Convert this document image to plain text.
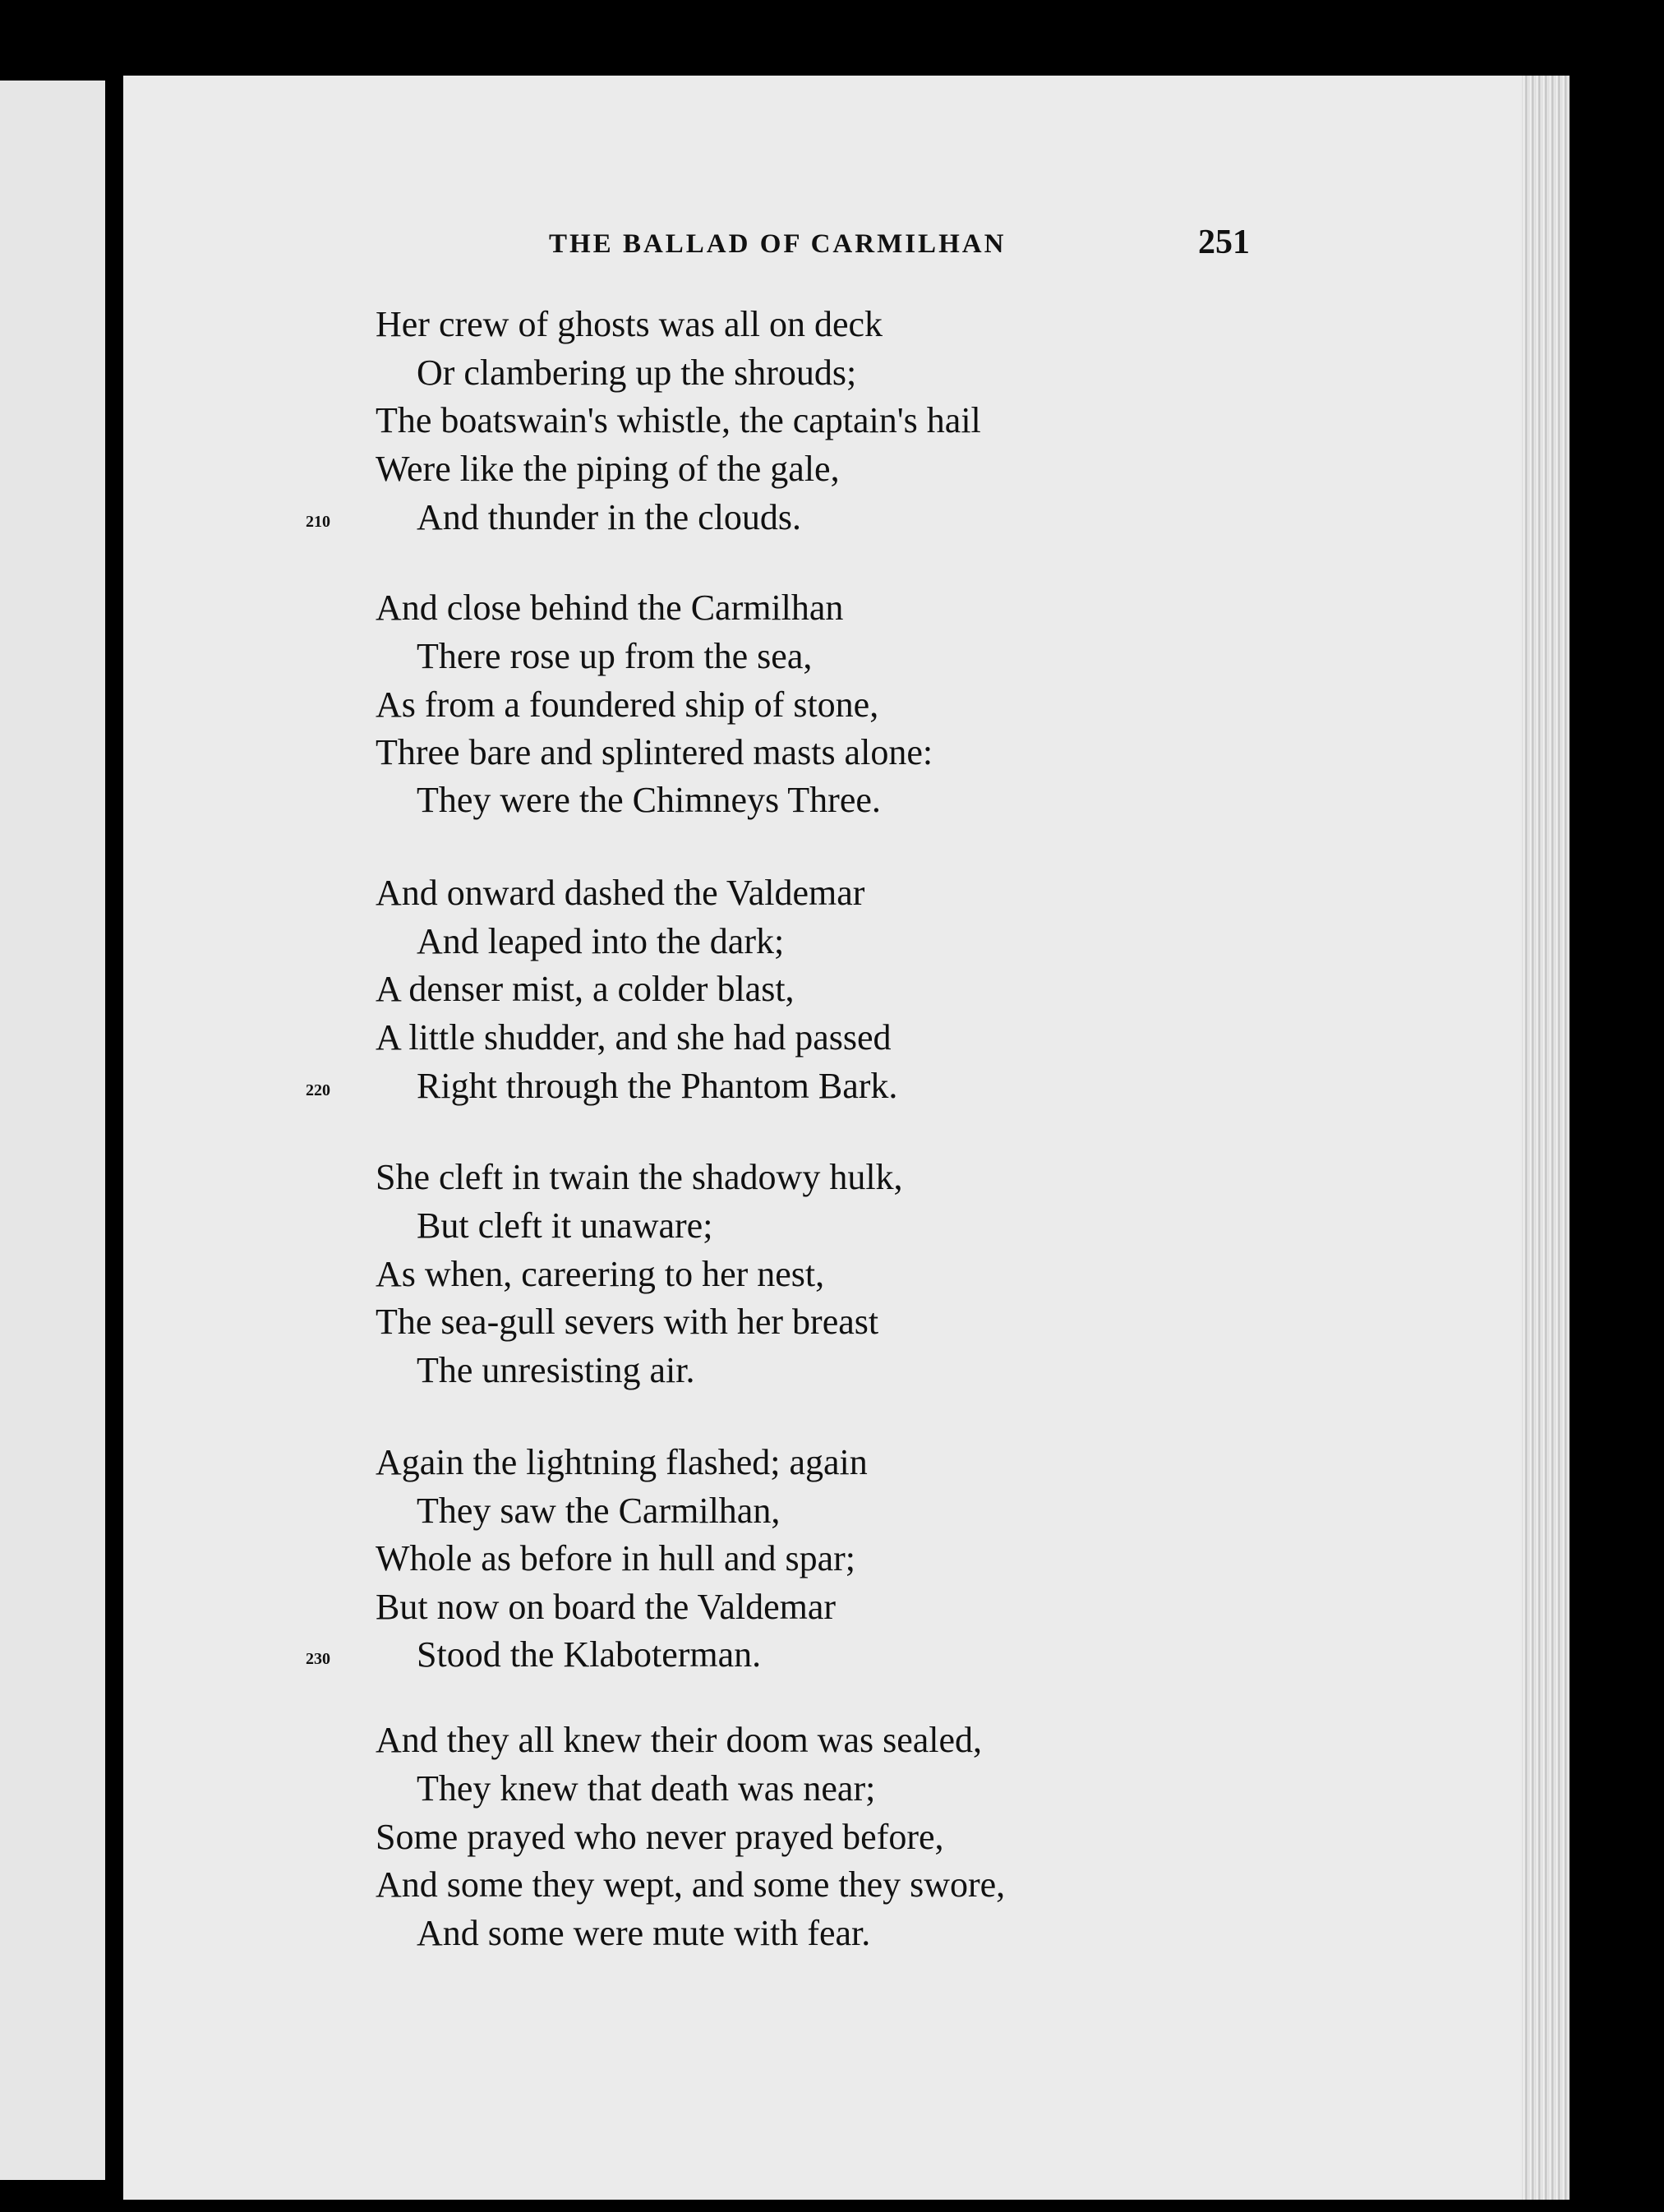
THE BALLAD OF CARMILHAN	251
Her crew of ghosts was all on deck
Or clambering up the shrouds;
The boatswain's whistle, the captain's hail
Were like the piping of the gale,
210 And thunder in the clouds.
And close behind the Carmilhan
There rose up from the sea,
As from a foundered ship of stone,
Three bare and splintered masts alone:
They were the Chimneys Three.
And onward dashed the Valdemar
And leaped into the dark;
A denser mist, a colder blast,
A little shudder, and she had passed
220 Right through the Phantom Bark.
She cleft in twain the shadowy hulk,
But cleft it unaware;
As when, careering to her nest,
The sea-gull severs with her breast
The unresisting air.
Again the lightning flashed; again
They saw the Carmilhan,
Whole as before in hull and spar;
But now on board the Valdemar
230 Stood the Klaboterman.
And they all knew their doom was sealed,
They knew that death was near;
Some prayed who never prayed before,
And some they wept, and some they swore,
And some were mute with fear.
